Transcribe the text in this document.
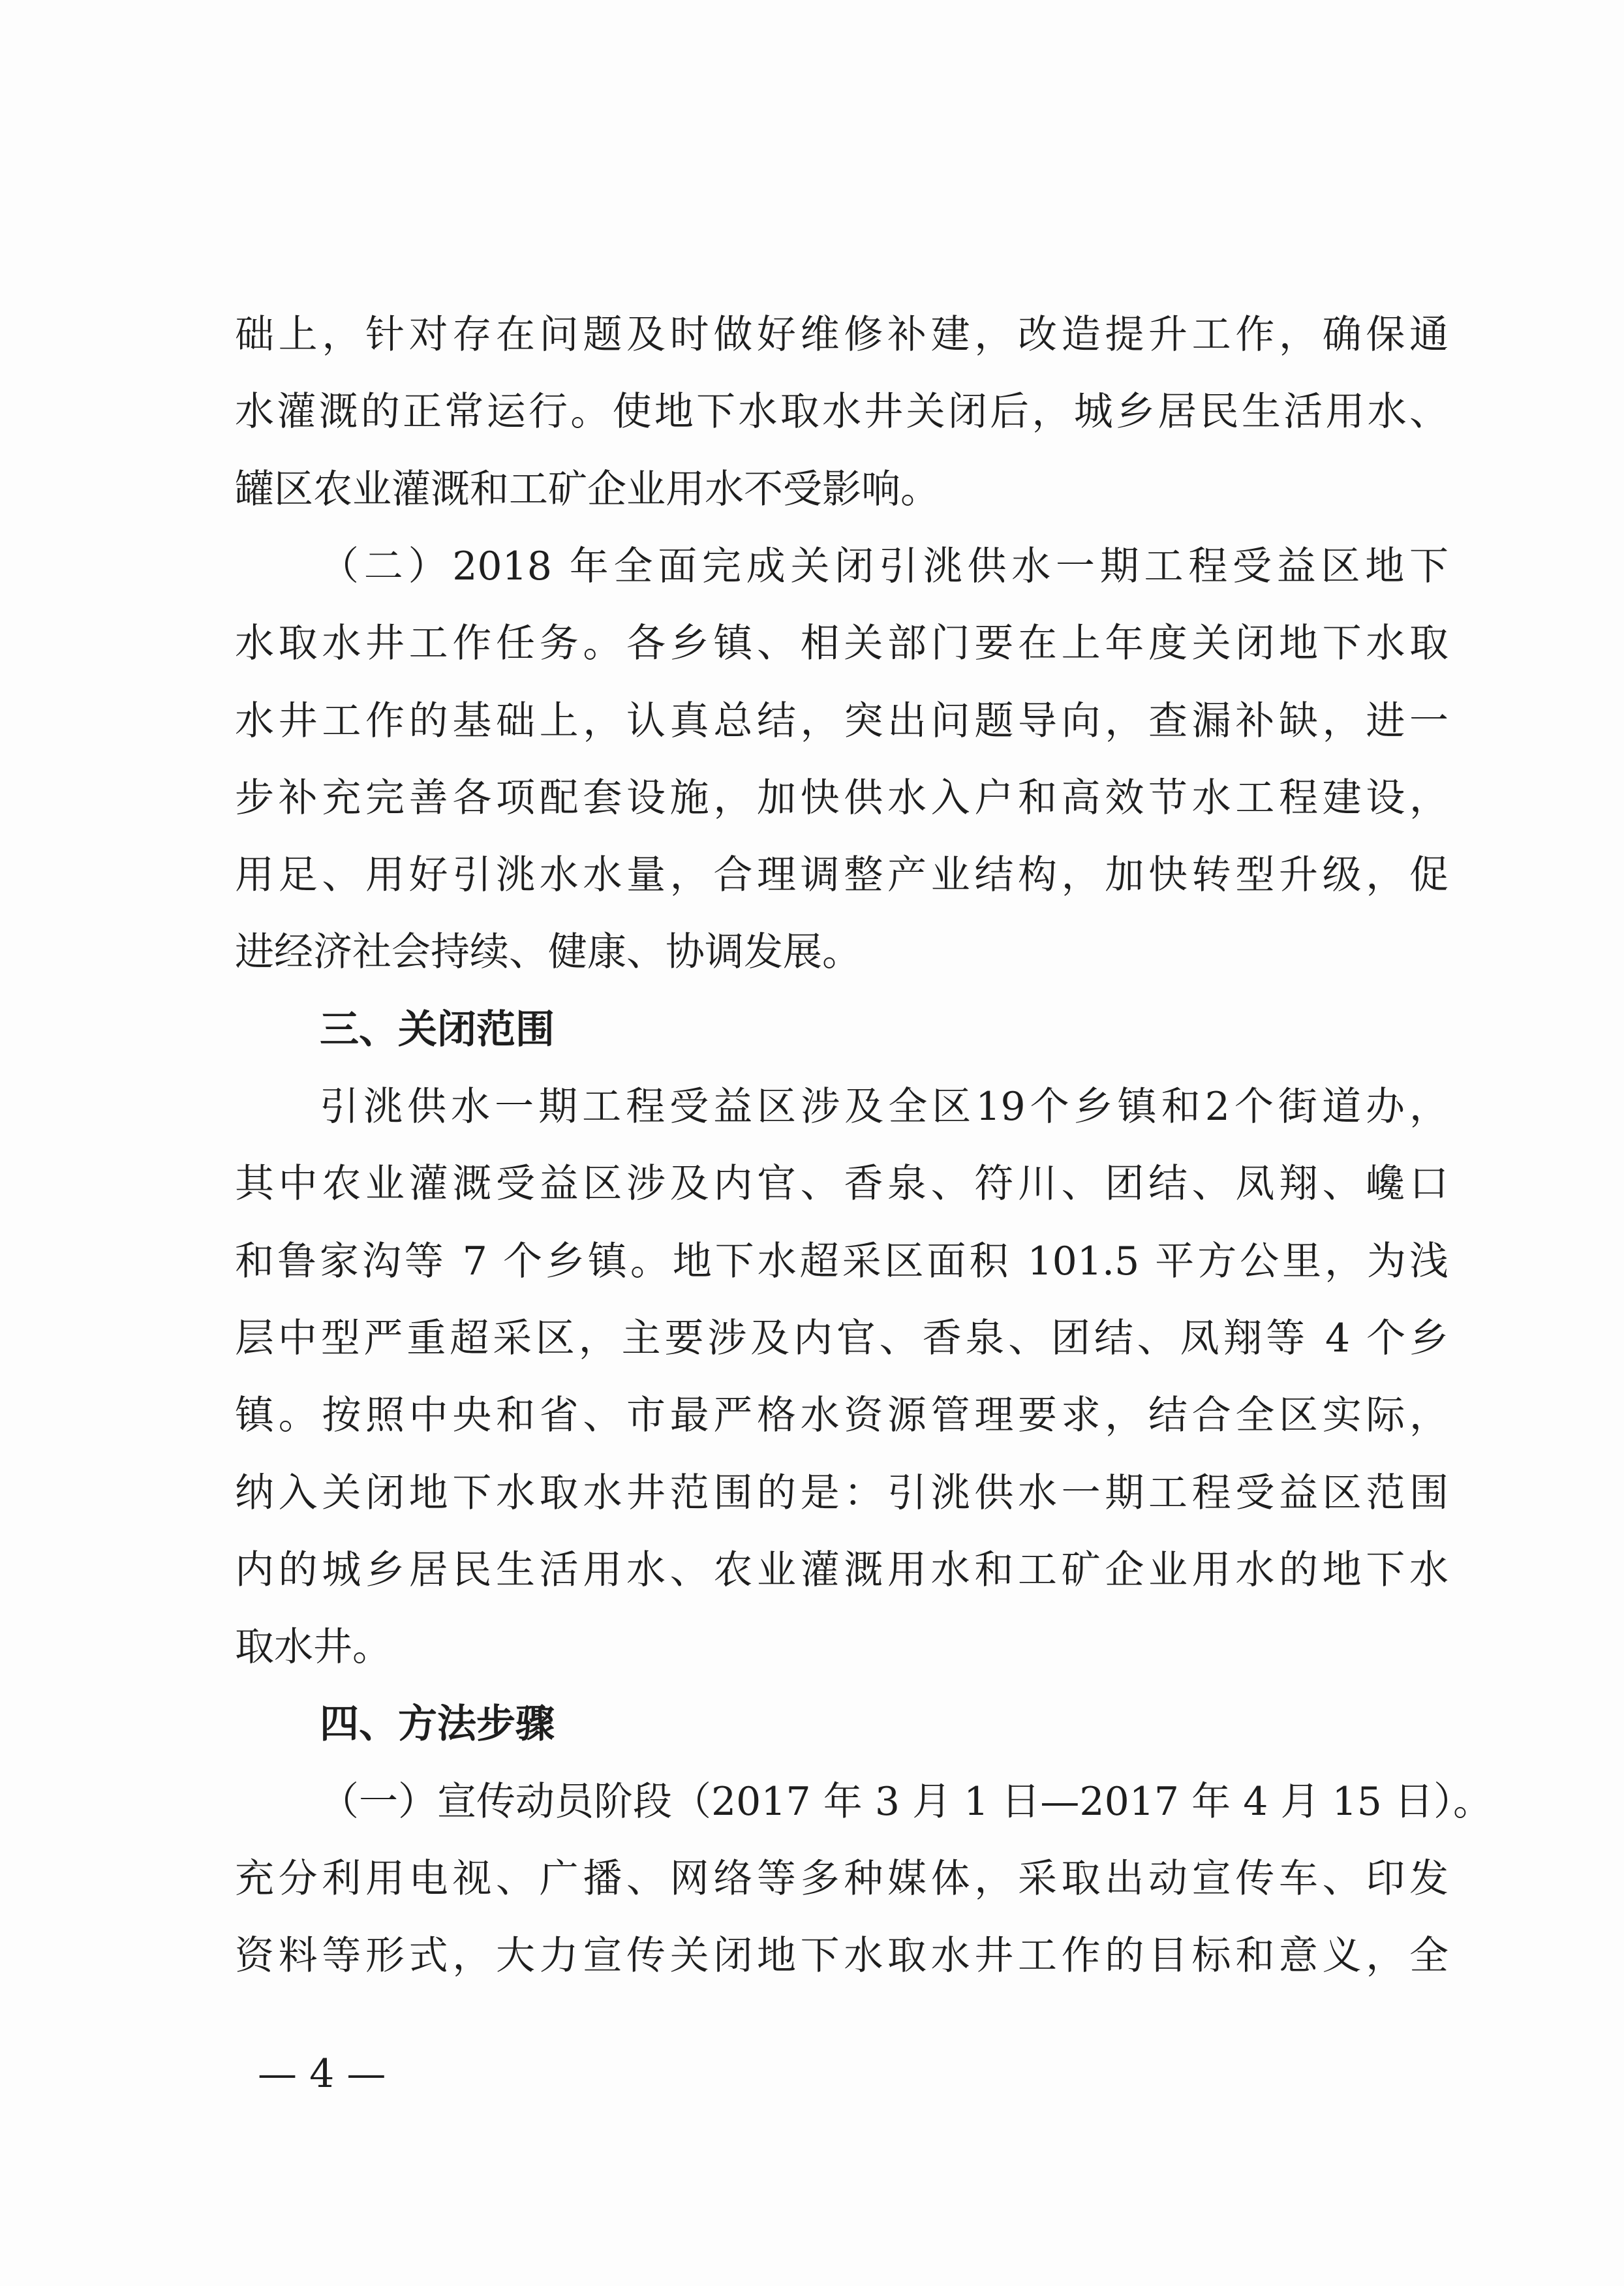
础上，针对存在问题及时做好维修补建，改造提升工作，确保通
水灌溉的正常运行。使地下水取水井关闭后，城乡居民生活用水、
罐区农业灌溉和工矿企业用水不受影响。
（二）2018 年全面完成关闭引洮供水一期工程受益区地下
水取水井工作任务。各乡镇、相关部门要在上年度关闭地下水取
水井工作的基础上，认真总结，突出问题导向，查漏补缺，进一
步补充完善各项配套设施，加快供水入户和高效节水工程建设，
用足、用好引洮水水量，合理调整产业结构，加快转型升级，促
进经济社会持续、健康、协调发展。
三、关闭范围
引洮供水一期工程受益区涉及全区19个乡镇和2个街道办，
其中农业灌溉受益区涉及内官、香泉、符川、团结、凤翔、巉口
和鲁家沟等 7 个乡镇。地下水超采区面积 101.5 平方公里，为浅
层中型严重超采区，主要涉及内官、香泉、团结、凤翔等 4 个乡
镇。按照中央和省、市最严格水资源管理要求，结合全区实际，
纳入关闭地下水取水井范围的是：引洮供水一期工程受益区范围
内的城乡居民生活用水、农业灌溉用水和工矿企业用水的地下水
取水井。
四、方法步骤
（一）宣传动员阶段（2017 年 3 月 1 日—2017 年 4 月 15 日）。
充分利用电视、广播、网络等多种媒体，采取出动宣传车、印发
资料等形式，大力宣传关闭地下水取水井工作的目标和意义，全
— 4 —
